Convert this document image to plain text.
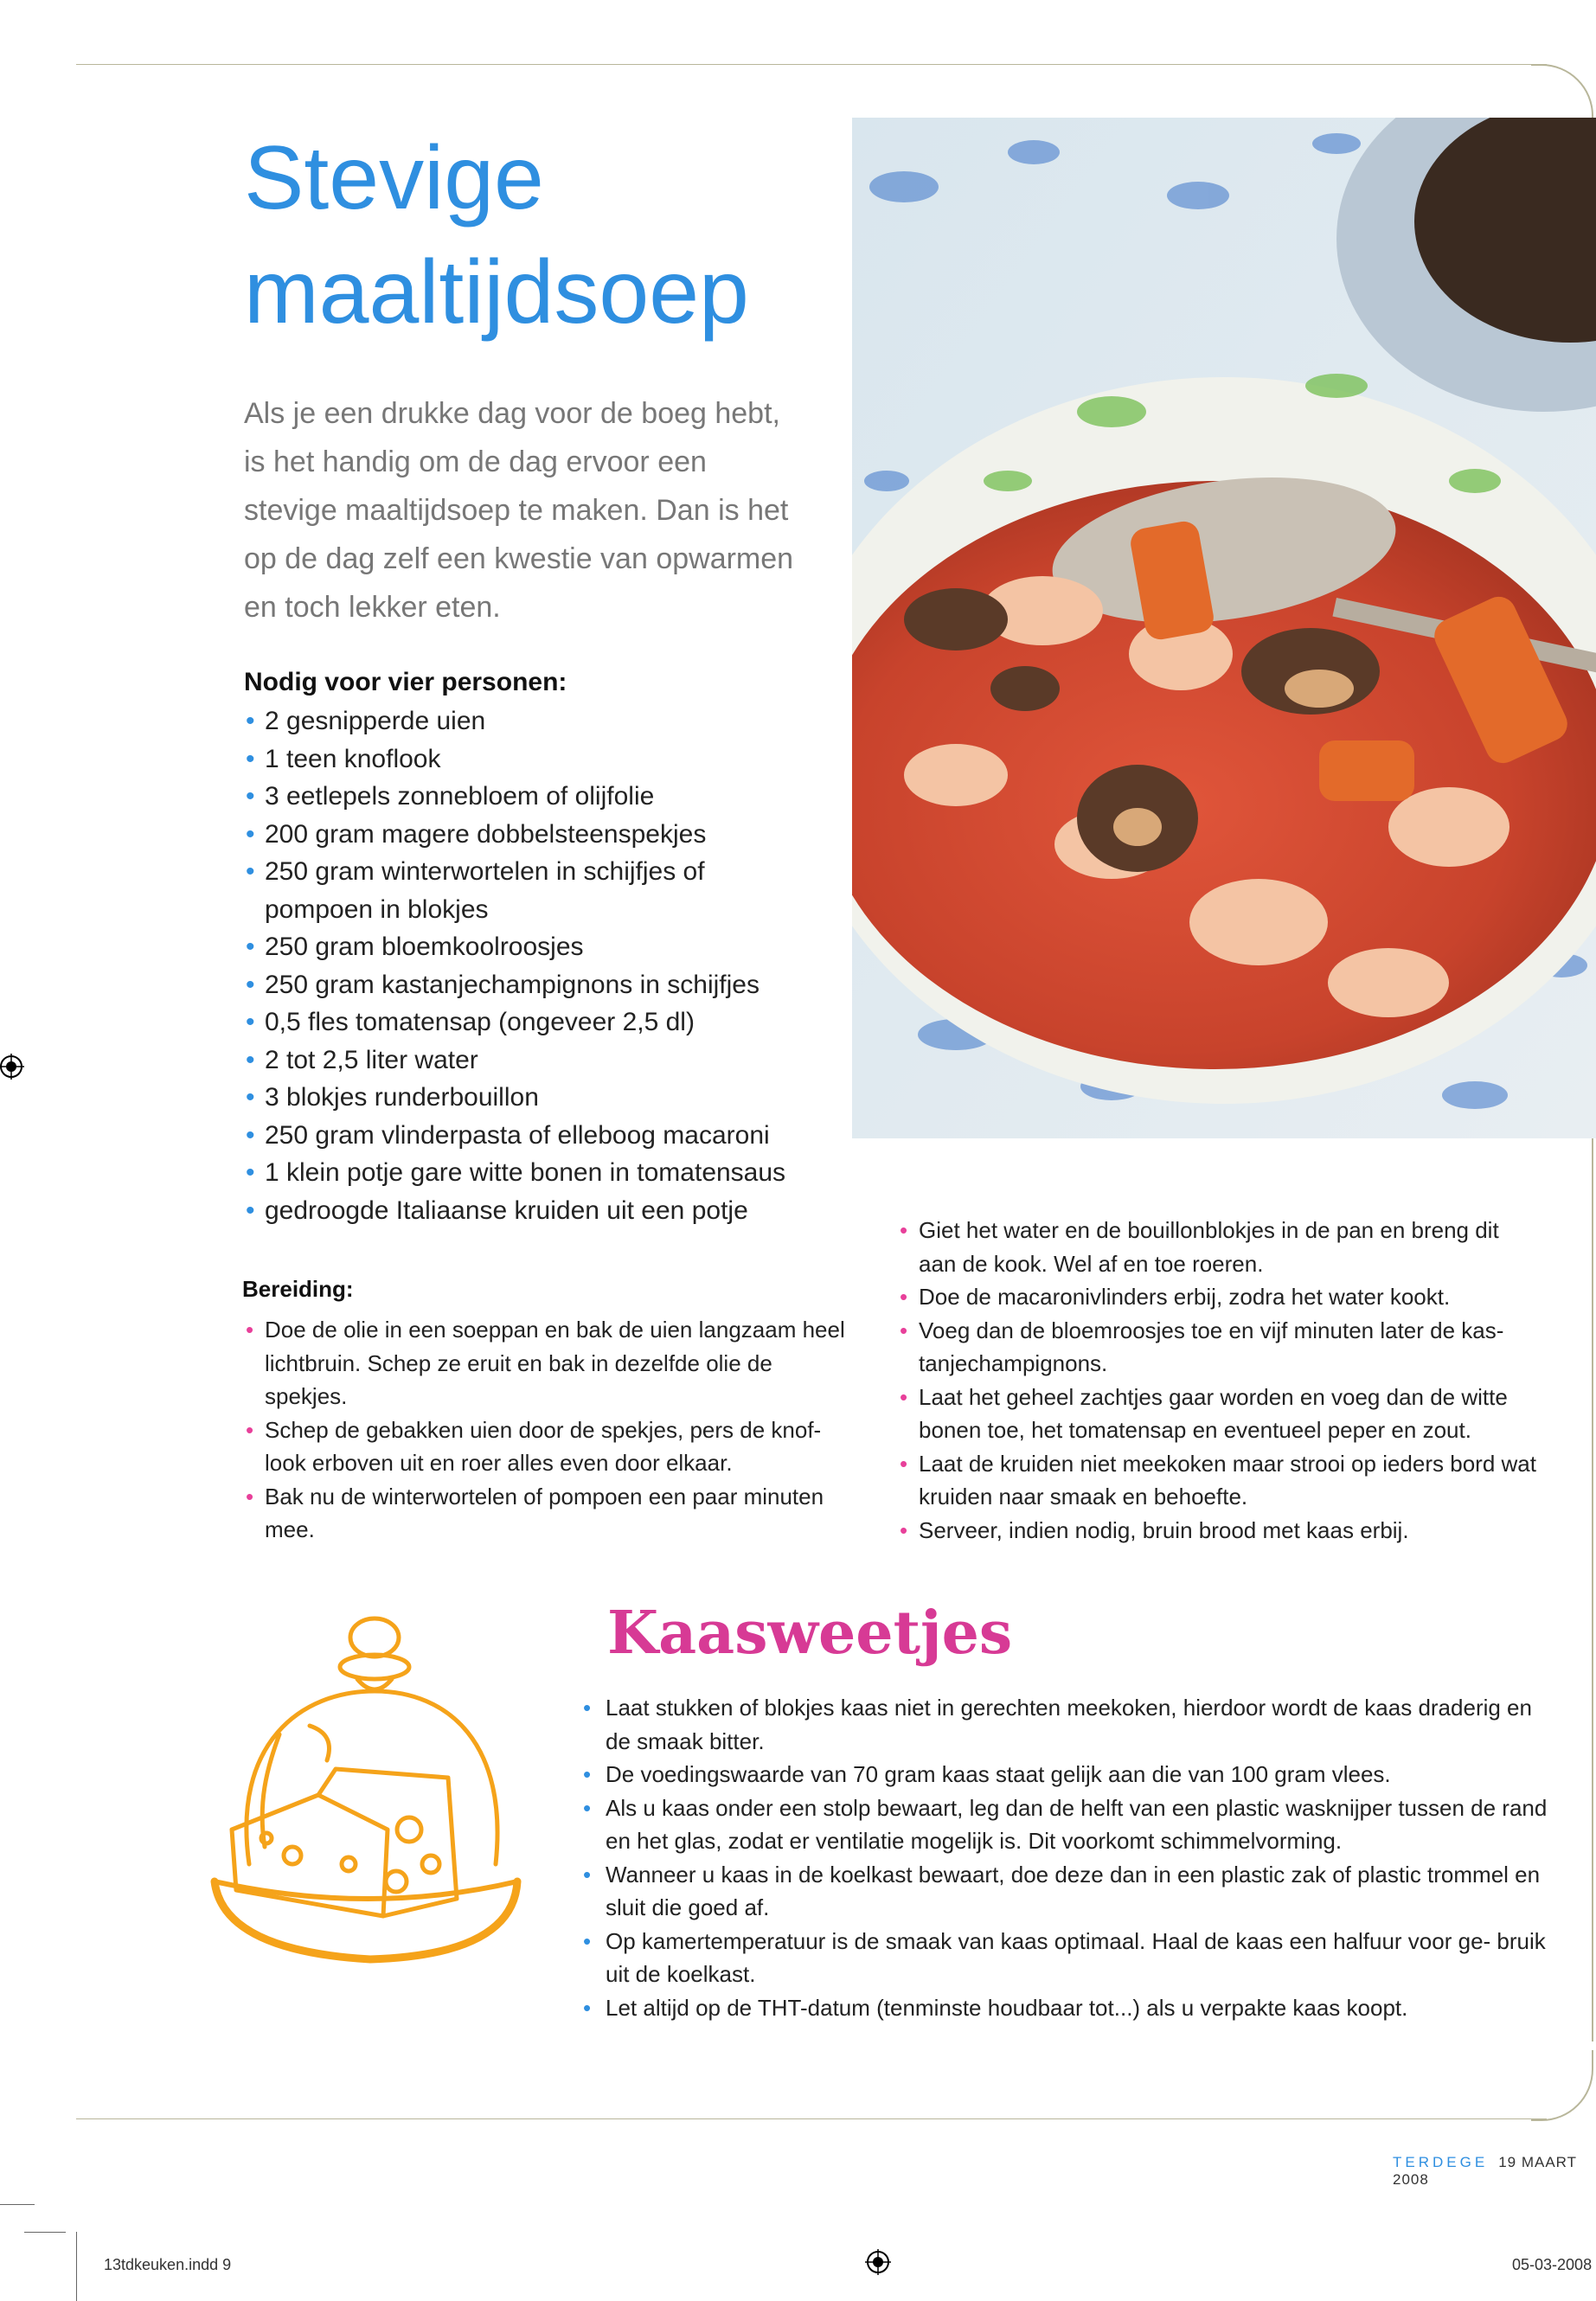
Stevige
maaltijdsoep

Als je een drukke dag voor de boeg hebt, is het handig om de dag ervoor een stevige maaltijdsoep te maken. Dan is het op de dag zelf een kwestie van opwarmen en toch lekker eten.

Nodig voor vier personen:
• 2 gesnipperde uien
• 1 teen knoflook
• 3 eetlepels zonnebloem of olijfolie
• 200 gram magere dobbelsteenspekjes
• 250 gram winterwortelen in schijfjes of pompoen in blokjes
• 250 gram bloemkoolroosjes
• 250 gram kastanjechampignons in schijfjes
• 0,5 fles tomatensap (ongeveer 2,5 dl)
• 2 tot 2,5 liter water
• 3 blokjes runderbouillon
• 250 gram vlinderpasta of elleboog macaroni
• 1 klein potje gare witte bonen in tomatensaus
• gedroogde Italiaanse kruiden uit een potje
Bereiding:
• Doe de olie in een soeppan en bak de uien langzaam heel lichtbruin. Schep ze eruit en bak in dezelfde olie de spekjes.
• Schep de gebakken uien door de spekjes, pers de knof- look erboven uit en roer alles even door elkaar.
• Bak nu de winterwortelen of pompoen een paar minuten mee.
• Giet het water en de bouillonblokjes in de pan en breng dit aan de kook. Wel af en toe roeren.
• Doe de macaronivlinders erbij, zodra het water kookt.
• Voeg dan de bloemroosjes toe en vijf minuten later de kas- tanjechampignons.
• Laat het geheel zachtjes gaar worden en voeg dan de witte bonen toe, het tomatensap en eventueel peper en zout.
• Laat de kruiden niet meekoken maar strooi op ieders bord wat kruiden naar smaak en behoefte.
• Serveer, indien nodig, bruin brood met kaas erbij.
Kaasweetjes
• Laat stukken of blokjes kaas niet in gerechten meekoken, hierdoor wordt de kaas draderig en de smaak bitter.
• De voedingswaarde van 70 gram kaas staat gelijk aan die van 100 gram vlees.
• Als u kaas onder een stolp bewaart, leg dan de helft van een plastic wasknijper tussen de rand en het glas, zodat er ventilatie mogelijk is. Dit voorkomt schimmelvorming.
• Wanneer u kaas in de koelkast bewaart, doe deze dan in een plastic zak of plastic trommel en sluit die goed af.
• Op kamertemperatuur is de smaak van kaas optimaal. Haal de kaas een halfuur voor ge- bruik uit de koelkast.
• Let altijd op de THT-datum (tenminste houdbaar tot...) als u verpakte kaas koopt.
TERDEGE 19 MAART 2008
13tdkeuken.indd 9	05-03-2008
